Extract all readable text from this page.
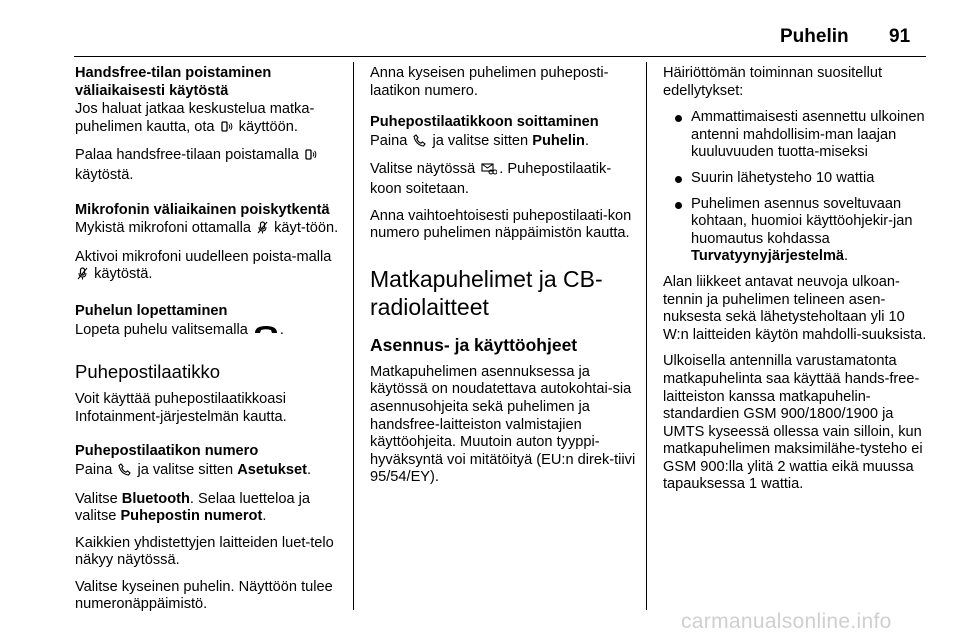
Puhelin 91
Handsfree-tilan poistaminen väliaikaisesti käytöstä

Jos haluat jatkaa keskustelua matka-puhelimen kautta, ota käyttöön.

Palaa handsfree-tilaan poistamalla  käytöstä.

Mikrofonin väliaikainen poiskytkentä

Mykistä mikrofoni ottamalla käyt-töön.

Aktivoi mikrofoni uudelleen poista-malla  käytöstä.

Puhelun lopettaminen

Lopeta puhelu valitsemalla .

Puhepostilaatikko

Voit käyttää puhepostilaatikkoasi Infotainment-järjestelmän kautta.

Puhepostilaatikon numero

Paina ja valitse sitten Asetukset.

Valitse Bluetooth. Selaa luetteloa ja valitse Puhepostin numerot.

Kaikkien yhdistettyjen laitteiden luet-telo näkyy näytössä.

Valitse kyseinen puhelin. Näyttöön tulee numeronäppäimistö.

Anna kyseisen puhelimen puheposti-laatikon numero.

Puhepostilaatikkoon soittaminen

Paina ja valitse sitten Puhelin.

Valitse näytössä . Puhepostilaatik-koon soitetaan.

Anna vaihtoehtoisesti puhepostilaati-kon numero puhelimen näppäimistön kautta.

Matkapuhelimet ja CB-radiolaitteet
Asennus- ja käyttöohjeet

Matkapuhelimen asennuksessa ja käytössä on noudatettava autokohtai-sia asennusohjeita sekä puhelimen ja handsfree-laitteiston valmistajien käyttöohjeita. Muutoin auton tyyppi-hyväksyntä voi mitätöityä (EU:n direk-tiivi 95/54/EY).

Häiriöttömän toiminnan suositellut edellytykset:

Ammattimaisesti asennettu ulkoinen antenni mahdollisim-man laajan kuuluvuuden tuotta-miseksi
Suurin lähetysteho 10 wattia
Puhelimen asennus soveltuvaan kohtaan, huomioi käyttöohjekir-jan huomautus kohdassa Turvatyynyjärjestelmä.

Alan liikkeet antavat neuvoja ulkoan-tennin ja puhelimen telineen asen-nuksesta sekä lähetysteholtaan yli 10 W:n laitteiden käytön mahdolli-suuksista.

Ulkoisella antennilla varustamatonta matkapuhelinta saa käyttää hands-free-laitteiston kanssa matkapuhelin-standardien GSM 900/1800/1900 ja UMTS kyseessä ollessa vain silloin, kun matkapuhelimen maksimilähe-tysteho ei GSM 900:lla ylitä 2 wattia eikä muussa tapauksessa 1 wattia.

carmanualsonline.info
